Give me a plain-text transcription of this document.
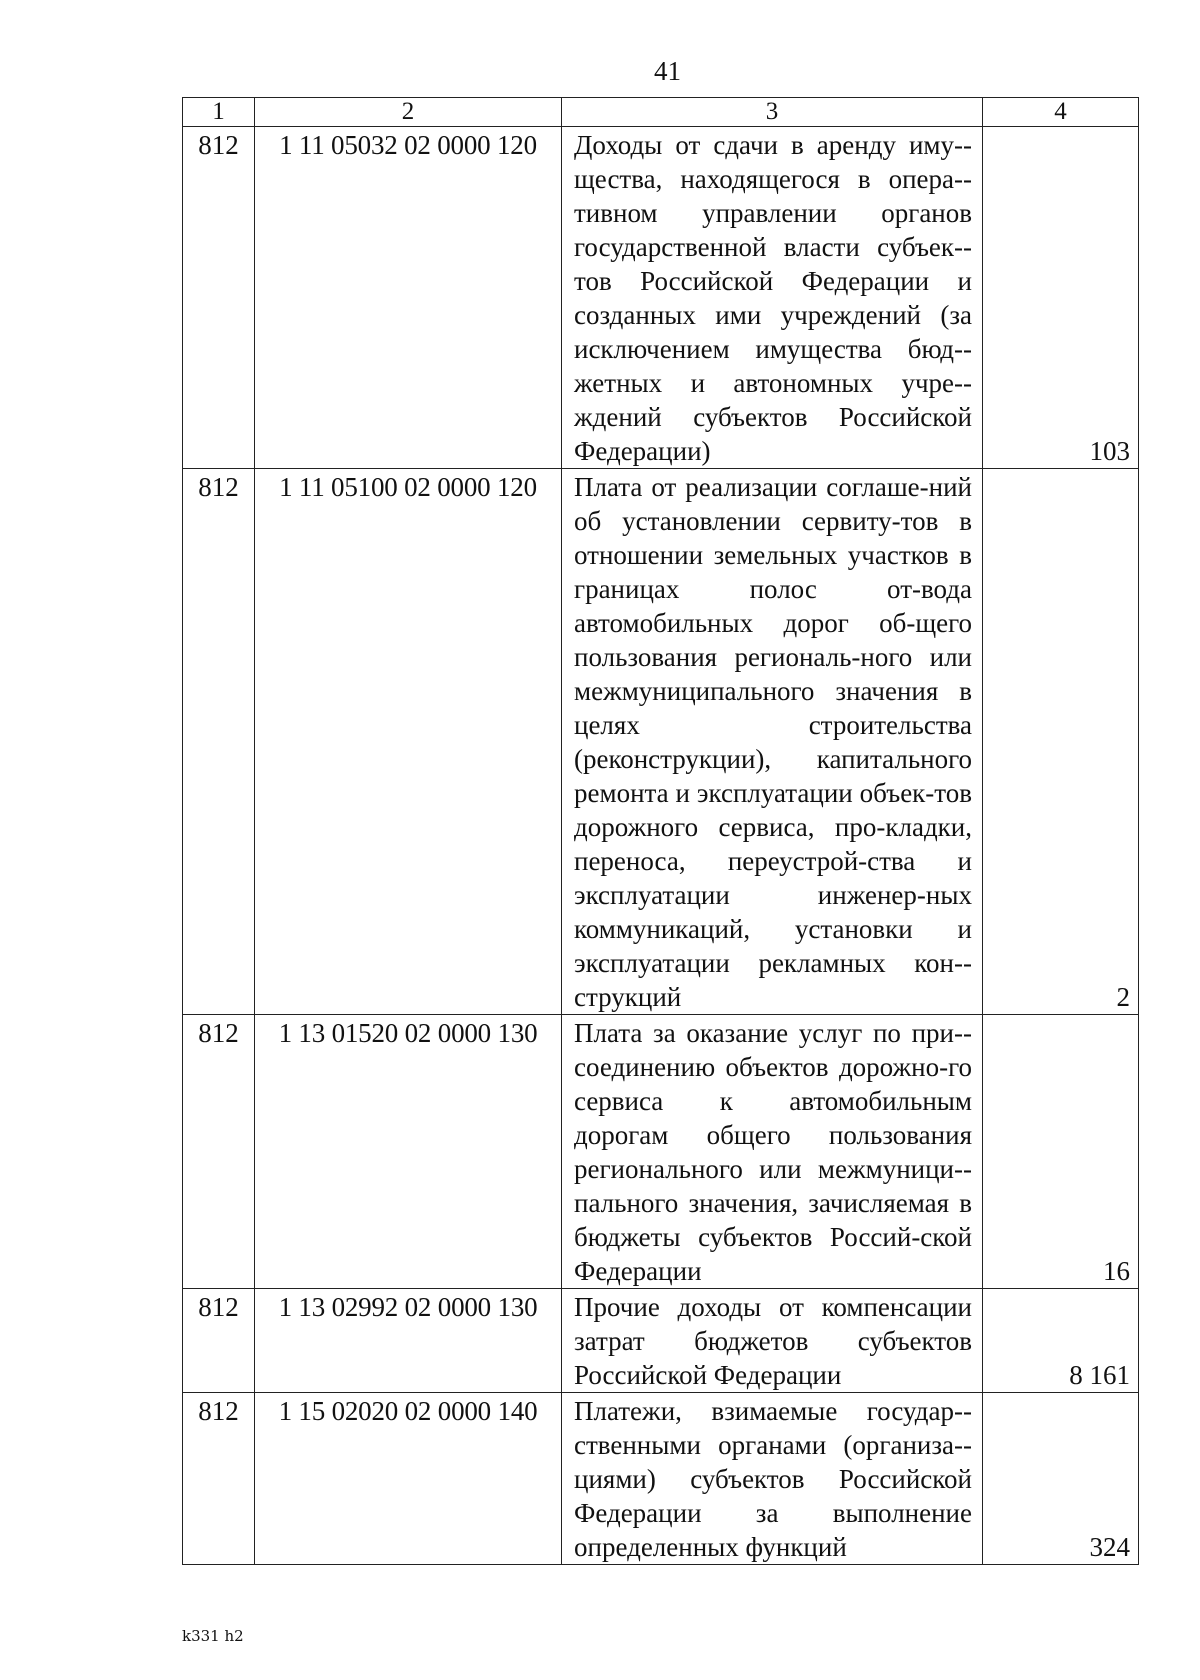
41
1	2	3	4
812	1 11 05032 02 0000 120	Доходы от сдачи в аренду иму-щества, находящегося в опера-тивном управлении органов государственной власти субъек-тов Российской Федерации и созданных ими учреждений (за исключением имущества бюд-жетных и автономных учре-ждений субъектов Российской Федерации)	103
812	1 11 05100 02 0000 120	Плата от реализации соглаше-ний об установлении сервиту-тов в отношении земельных участков в границах полос от-вода автомобильных дорог об-щего пользования региональ-ного или межмуниципального значения в целях строительства (реконструкции), капитального ремонта и эксплуатации объек-тов дорожного сервиса, про-кладки, переноса, переустрой-ства и эксплуатации инженер-ных коммуникаций, установки и эксплуатации рекламных кон-струкций	2
812	1 13 01520 02 0000 130	Плата за оказание услуг по при-соединению объектов дорожно-го сервиса к автомобильным дорогам общего пользования регионального или межмуници-пального значения, зачисляемая в бюджеты субъектов Россий-ской Федерации	16
812	1 13 02992 02 0000 130	Прочие доходы от компенсации затрат бюджетов субъектов Российской Федерации	8 161
812	1 15 02020 02 0000 140	Платежи, взимаемые государ-ственными органами (организа-циями) субъектов Российской Федерации за выполнение определенных функций	324
k331 h2
